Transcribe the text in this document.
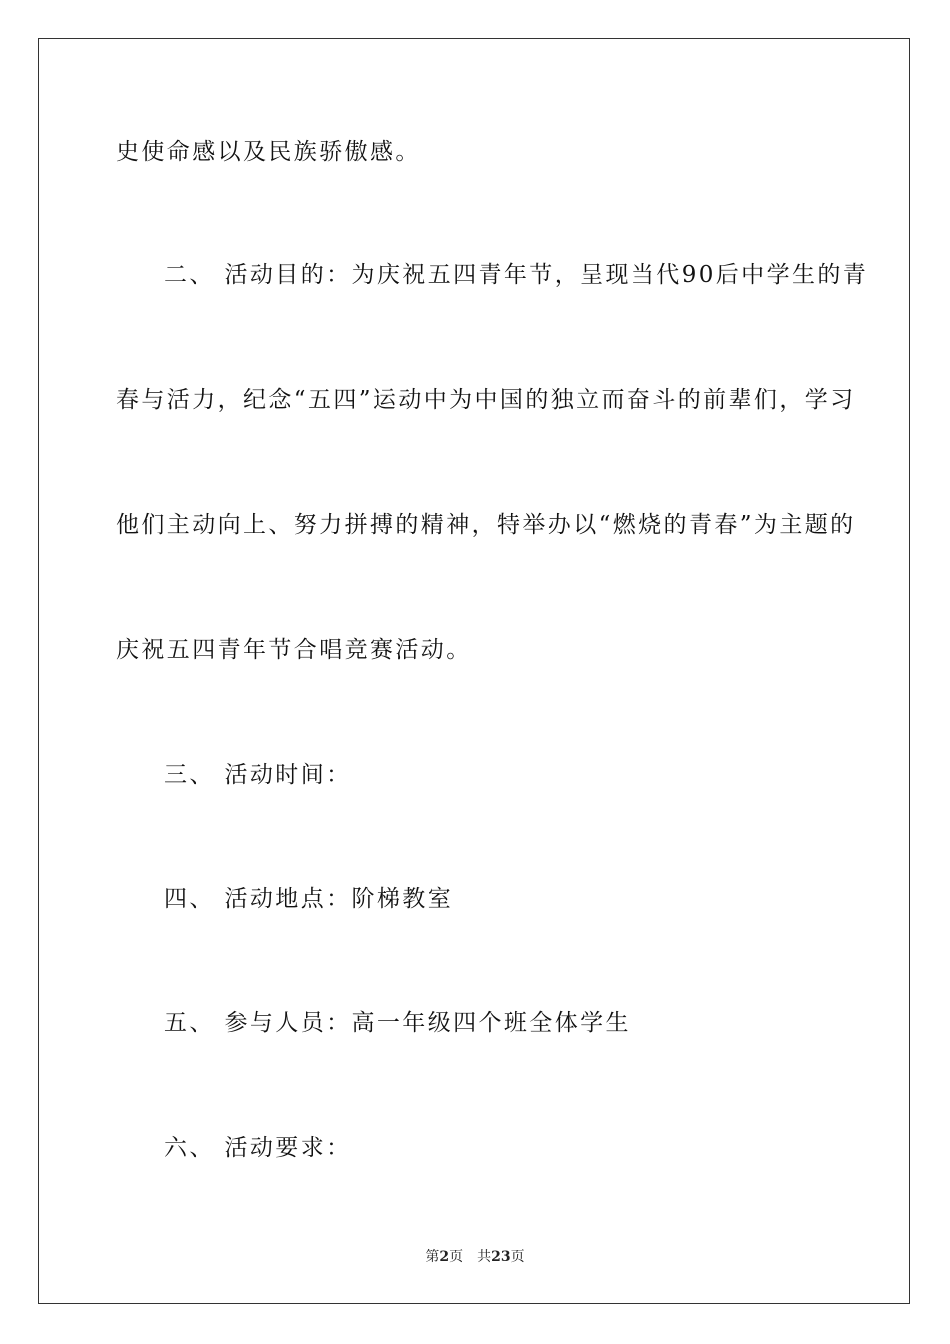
史使命感以及民族骄傲感。
二、 活动目的：为庆祝五四青年节，呈现当代90后中学生的青
春与活力，纪念“五四”运动中为中国的独立而奋斗的前辈们，学习
他们主动向上、努力拼搏的精神，特举办以“燃烧的青春”为主题的
庆祝五四青年节合唱竞赛活动。
三、 活动时间：
四、 活动地点：阶梯教室
五、 参与人员：高一年级四个班全体学生
六、 活动要求：
第2页 共23页
